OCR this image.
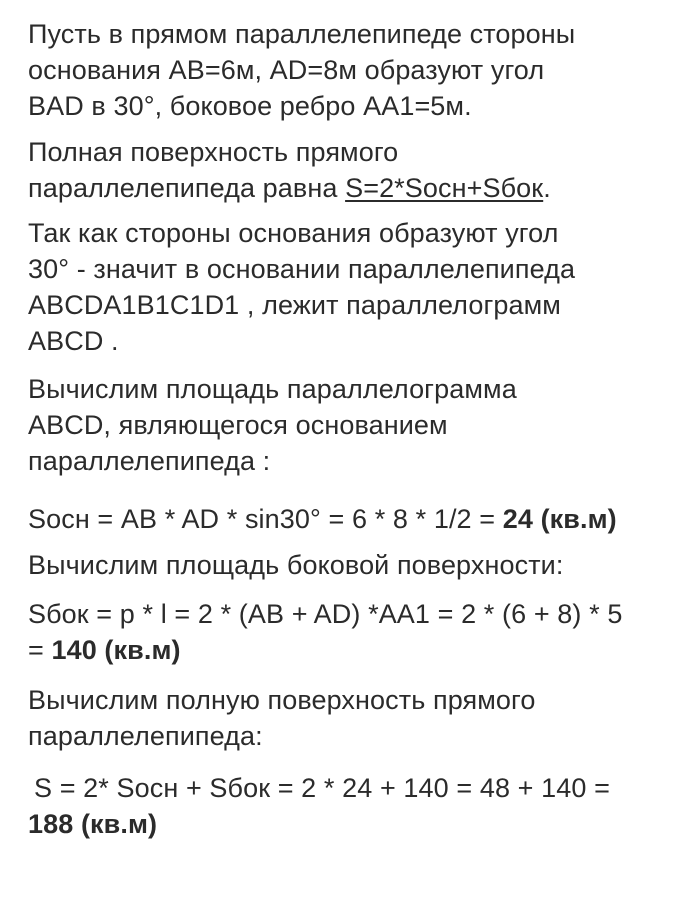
Пусть в прямом параллелепипеде стороны
основания AB=6м, AD=8м образуют угол
BAD в 30°, боковое ребро AA1=5м.

Полная поверхность прямого
параллелепипеда равна S=2*Sосн+Sбок.

Так как стороны основания образуют угол
30° - значит в основании параллелепипеда
ABCDA1B1C1D1 , лежит параллелограмм
ABCD .

Вычислим площадь параллелограмма
ABCD, являющегося основанием
параллелепипеда :

Sосн = AB * AD * sin30° = 6 * 8 * 1/2 = 24 (кв.м)

Вычислим площадь боковой поверхности:

Sбок = p * l = 2 * (AB + AD) *AA1 = 2 * (6 + 8) * 5
= 140 (кв.м)

Вычислим полную поверхность прямого
параллелепипеда:

S = 2* Sосн + Sбок = 2 * 24 + 140 = 48 + 140 =
188 (кв.м)
